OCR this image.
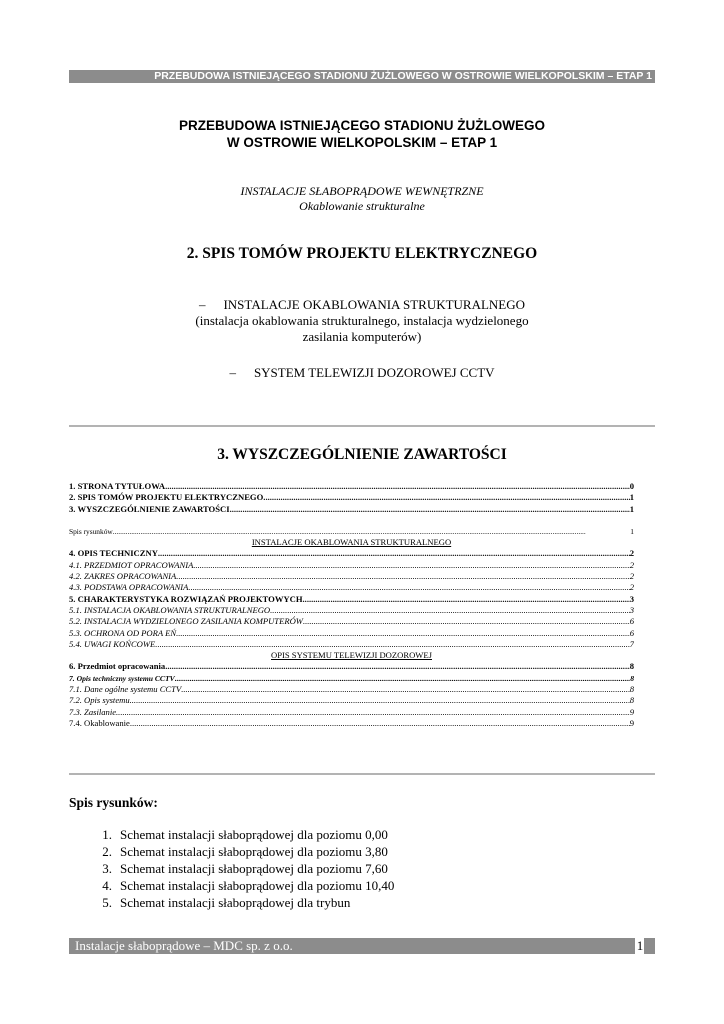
PRZEBUDOWA ISTNIEJĄCEGO STADIONU ŻUŻLOWEGO W OSTROWIE WIELKOPOLSKIM – ETAP 1
PRZEBUDOWA ISTNIEJĄCEGO STADIONU ŻUŻLOWEGO
W OSTROWIE WIELKOPOLSKIM – ETAP 1
INSTALACJE SŁABOPRĄDOWE WEWNĘTRZNE
Okablowanie strukturalne
2. SPIS TOMÓW PROJEKTU ELEKTRYCZNEGO
– INSTALACJE OKABLOWANIA STRUKTURALNEGO
(instalacja okablowania strukturalnego, instalacja wydzielonego
zasilania komputerów)
– SYSTEM TELEWIZJI DOZOROWEJ CCTV
3. WYSZCZEGÓLNIENIE ZAWARTOŚCI
1. STRONA TYTUŁOWA .....	0
2. SPIS TOMÓW PROJEKTU ELEKTRYCZNEGO .....	1
3. WYSZCZEGÓLNIENIE ZAWARTOŚCI .....	1
Spis rysunków .....	1
INSTALACJE OKABLOWANIA STRUKTURALNEGO
4. OPIS TECHNICZNY .....	2
4.1. PRZEDMIOT OPRACOWANIA .....	2
4.2. ZAKRES OPRACOWANIA .....	2
4.3. PODSTAWA OPRACOWANIA .....	2
5. CHARAKTERYSTYKA ROZWIĄZAŃ PROJEKTOWYCH .....	3
5.1. INSTALACJA OKABLOWANIA STRUKTURALNEGO .....	3
5.2. INSTALACJA WYDZIELONEGO ZASILANIA KOMPUTERÓW .....	6
5.3. OCHRONA OD PORA EŃ .....	6
5.4. UWAGI KOŃCOWE .....	7
OPIS SYSTEMU TELEWIZJI DOZOROWEJ
6. Przedmiot opracowania .....	8
7. Opis techniczny systemu CCTV .....	8
7.1. Dane ogólne systemu CCTV .....	8
7.2. Opis systemu........................ .....	8
7.3. Zasilanie .....	9
7.4. Okablowanie .....	9
Spis rysunków:
1. Schemat instalacji słaboprądowej dla poziomu 0,00
2. Schemat instalacji słaboprądowej dla poziomu 3,80
3. Schemat instalacji słaboprądowej dla poziomu 7,60
4. Schemat instalacji słaboprądowej dla poziomu 10,40
5. Schemat instalacji słaboprądowej dla trybun
Instalacje słaboprądowe – MDC sp. z o.o.	1
